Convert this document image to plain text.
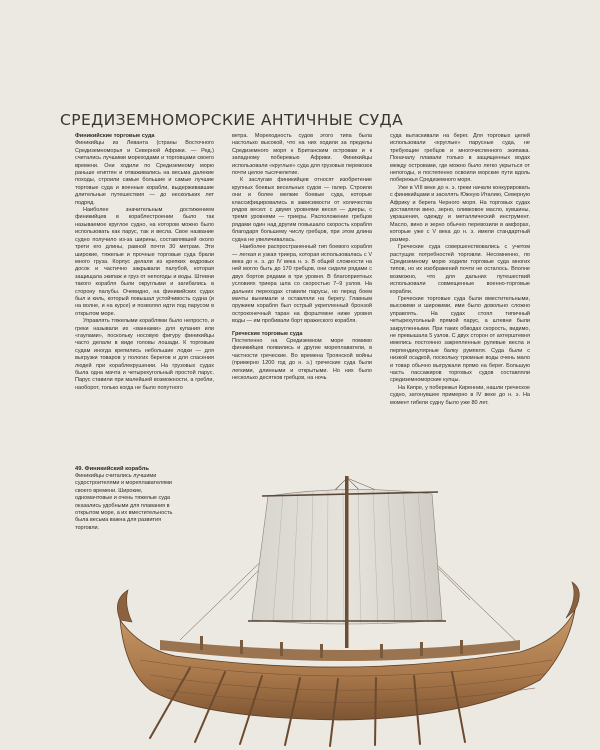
СРЕДИЗЕМНОМОРСКИЕ АНТИЧНЫЕ СУДА
Финикийские торговые суда

Финикийцы из Леванта (страны Восточного Средиземноморья и Северной Африки. — Ред.) считались лучшими мореходами и торговцами своего времени. Они ходили по Средиземному морю раньше египтян и отваживались на весьма далекие походы, строили самые большие и самые лучшие торговые суда и военные корабли, выдерживавшие длительные путешествия — до нескольких лет подряд.

Наиболее значительным достижением финикийцев в кораблестроении было так называемое круглое судно, на котором можно было использовать как парус, так и весла. Свое название судно получило из-за ширины, составлявшей около трети его длины, равной почти 30 метрам. Эти широкие, тяжелые и прочные торговые суда брали много груза. Корпус делали из крепких кедровых досок и частично закрывали палубой, которая защищала экипаж и груз от непогоды и воды. Штевни такого корабля были округлыми и загибались в сторону палубы. Очевидно, на финикийских судах был и киль, который повышал устойчивость судна (и на волне, и на курсе) и позволял идти под парусом в открытом море.

Управлять тяжелыми кораблями было непросто, и греки называли их «ваннами» для купания или «гаулами», поскольку носовую фигуру финикийцы часто делали в виде головы лошади. К торговым судам иногда крепились небольшие лодки — для выгрузки товаров у пологих берегов и для спасения людей при кораблекрушении. На грузовых судах была одна мачта и четырехугольный простой парус. Парус ставили при малейшей возможности, а гребли, наоборот, только когда не было попутного

ветра. Мореходность судов этого типа была настолько высокой, что на них ходили за пределы Средиземного моря к Британским островам и к западному побережью Африки. Финикийцы использовали «круглые» суда для грузовых перевозок почти целое тысячелетие.

К заслугам финикийцев относят изобретение крупных боевых весельных судов — галер. Строили они и более мелкие боевые суда, которые классифицировались в зависимости от количества рядов весел: с двумя уровнями весел — диеры, с тремя уровнями — триеры. Расположение гребцов рядами один над другим повышало скорость корабля благодаря большему числу гребцов, при этом длина судна не увеличивалась.

Наиболее распространенный тип боевого корабля — легкая и узкая триера, которая использовалась с V века до н. э. до IV века н. э. В общей сложности на ней могло быть до 170 гребцов, они сидели рядами с двух бортов рядами в три уровня. В благоприятных условиях триера шла со скоростью 7–9 узлов. На дальних переходах ставили парусы, но перед боем мачты вынимали и оставляли на берегу. Главным оружием корабля был острый укрепленный бронзой остроконечный таран на форштевне ниже уровня воды — им пробивали борт вражеского корабля.

Греческие торговые суда

Постепенно на Средиземном море помимо финикийцев появились и другие мореплаватели, в частности греческие. Во времена Троянской войны (примерно 1200 год до н. э.) греческие суда были легкими, длинными и открытыми. Но них было несколько десятков гребцов, на ночь

суда вытаскивали на берег. Для торговых целей использовали «круглые» парусные суда, не требующие гребцов и многочисленного экипажа. Поначалу плавали только в защищенных водах между островами, где можно было легко укрыться от непогоды, и постепенно освоили морские пути вдоль побережья Средиземного моря.

Уже в VIII веке до н. э. греки начали конкурировать с финикийцами и заселять Южную Италию, Северную Африку и берега Черного моря. На торговых судах доставляли вино, зерно, оливковое масло, кувшины, украшения, одежду и металлический инструмент. Масло, вино и зерно обычно перевозили в амфорах, которые уже с V века до н. э. имели стандартный размер.

Греческие суда совершенствовались с учетом растущих потребностей торговли. Несомненно, по Средиземному морю ходили торговые суда многих типов, но их изображений почти не осталось. Вполне возможно, что для дальних путешествий использовали совмещенные военно-торговые корабли.

Греческие торговые суда были вместительными, высокими и широкими, ими было довольно сложно управлять. На судах стоял типичный четырехугольный прямой парус, а штевни были закругленными. При таких обводах скорость, видимо, не превышала 5 узлов. С двух сторон от ахтерштевня имелись постоянно закрепленные рулевые весла и перпендикулярные балку румпеля. Суда были с низкой осадкой, поскольку трюмные воды очень мало и товар обычно выгружали прямо на берег. Большую часть пассажиров торговых судов составляли средиземноморские купцы.

На Кипре, у побережья Киреннии, нашли греческое судно, затонувшее примерно в IV веке до н. э. На момент гибели судну было уже 80 лет.

49. Финикийский корабль

Финикийцы считались лучшими судостроителями и мореплавателями своего времени. Широкие, одномачтовые и очень тяжелые суда оказались удобными для плавания в открытом море, а их вместительность была весьма важна для развития торговли.
